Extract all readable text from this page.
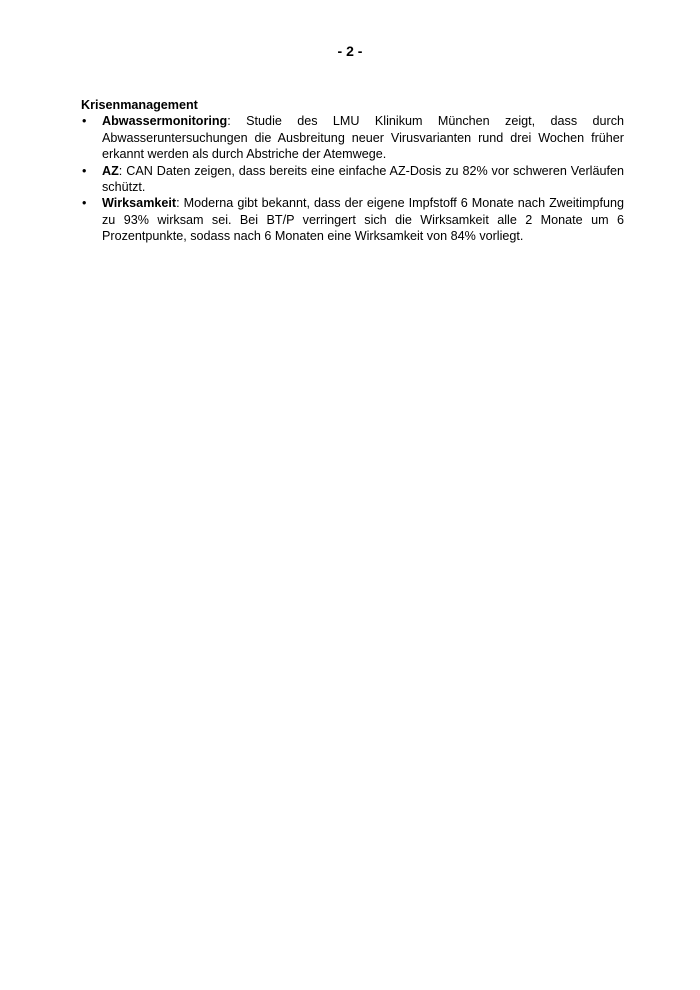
- 2 -

Krisenmanagement

•	Abwassermonitoring: Studie des LMU Klinikum München zeigt, dass durch Abwasseruntersuchungen die Ausbreitung neuer Virusvarianten rund drei Wochen früher erkannt werden als durch Abstriche der Atemwege.
•	AZ: CAN Daten zeigen, dass bereits eine einfache AZ-Dosis zu 82% vor schweren Verläufen schützt.
•	Wirksamkeit: Moderna gibt bekannt, dass der eigene Impfstoff 6 Monate nach Zweitimpfung zu 93% wirksam sei. Bei BT/P verringert sich die Wirksamkeit alle 2 Monate um 6 Prozentpunkte, sodass nach 6 Monaten eine Wirksamkeit von 84% vorliegt.
